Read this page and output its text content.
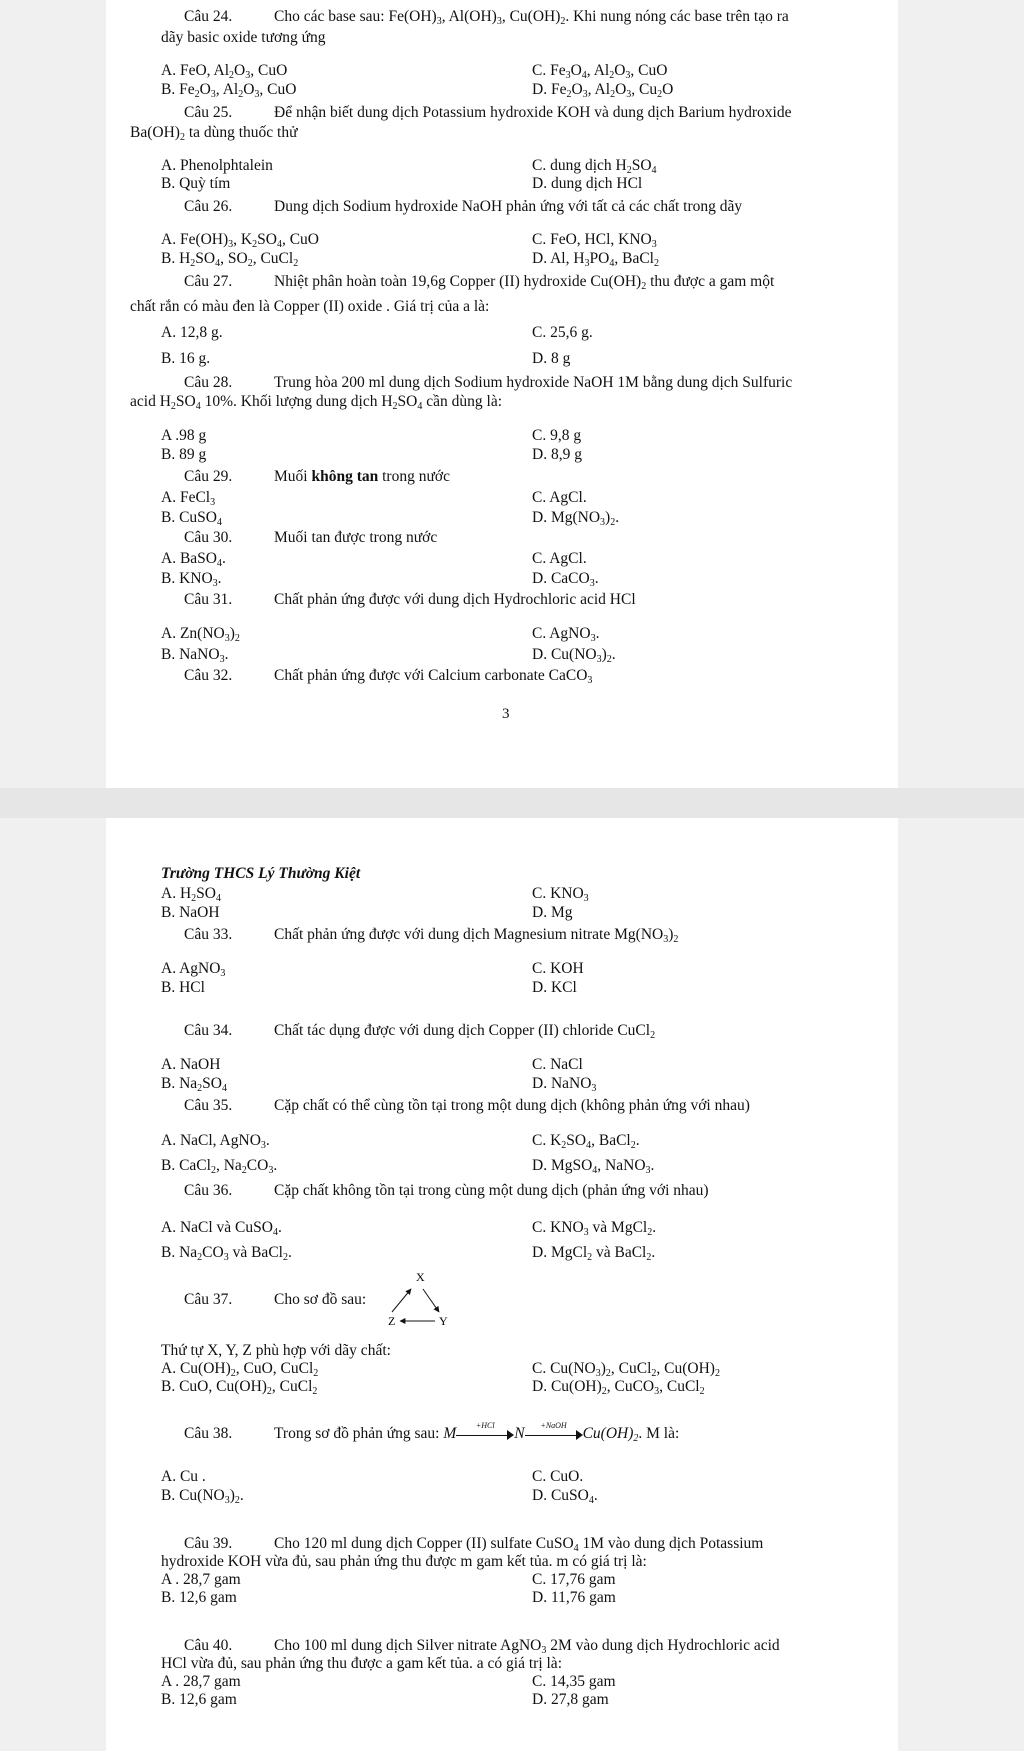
Câu 24.	Cho các base sau: $Fe(OH)_3$, $Al(OH)_3$, $Cu(OH)_2$. Khi nung nóng các base trên tạo ra
dãy basic oxide tương ứng
A. FeO, $Al_2O_3$, CuO	C. $Fe_3O_4$, $Al_2O_3$, CuO
B. $Fe_2O_3$, $Al_2O_3$, CuO	D. $Fe_2O_3$, $Al_2O_3$, $Cu_2O$
Câu 25.	Để nhận biết dung dịch Potassium hydroxide KOH và dung dịch Barium hydroxide
$Ba(OH)_2$ ta dùng thuốc thử
A. Phenolphtalein	C. dung dịch $H_2SO_4$
B. Quỳ tím	D. dung dịch HCl
Câu 26.	Dung dịch Sodium hydroxide NaOH phản ứng với tất cả các chất trong dãy
A. $Fe(OH)_3$, $K_2SO_4$, CuO	C. FeO, HCl, $KNO_3$
B. $H_2SO_4$, $SO_2$, CuCl$_2$	D. Al, $H_3PO_4$, BaCl$_2$
Câu 27.	Nhiệt phân hoàn toàn 19,6g Copper (II) hydroxide $Cu(OH)_2$ thu được a gam một
chất rắn có màu đen là Copper (II) oxide . Giá trị của a là:
A. 12,8 g.	C. 25,6 g.
B. 16 g.	D. 8 g
Câu 28.	Trung hòa 200 ml dung dịch Sodium hydroxide NaOH 1M bằng dung dịch Sulfuric
acid $H_2SO_4$ 10%. Khối lượng dung dịch $H_2SO_4$ cần dùng là:
A .98 g	C. 9,8 g
B. 89 g	D. 8,9 g
Câu 29.	Muối không tan trong nước
A. FeCl$_3$	C. AgCl.
B. CuSO$_4$	D. $Mg(NO_3)_2$.
Câu 30.	Muối tan được trong nước
A. BaSO$_4$.	C. AgCl.
B. $KNO_3$.	D. CaCO$_3$.
Câu 31.	Chất phản ứng được với dung dịch Hydrochloric acid HCl
A. $Zn(NO_3)_2$	C. AgNO$_3$.
B. NaNO$_3$.	D. $Cu(NO_3)_2$.
Câu 32.	Chất phản ứng được với Calcium carbonate CaCO$_3$
3
Trường THCS Lý Thường Kiệt
A. $H_2SO_4$	C. $KNO_3$
B. NaOH	D. Mg
Câu 33.	Chất phản ứng được với dung dịch Magnesium nitrate $Mg(NO_3)_2$
A. AgNO$_3$	C. KOH
B. HCl	D. KCl
Câu 34.	Chất tác dụng được với dung dịch Copper (II) chloride CuCl$_2$
A. NaOH	C. NaCl
B. $Na_2SO_4$	D. NaNO$_3$
Câu 35.	Cặp chất có thể cùng tồn tại trong một dung dịch (không phản ứng với nhau)
A. NaCl, AgNO$_3$.	C. $K_2SO_4$, BaCl$_2$.
B. CaCl$_2$, $Na_2CO_3$.	D. MgSO$_4$, NaNO$_3$.
Câu 36.	Cặp chất không tồn tại trong cùng một dung dịch (phản ứng với nhau)
A. NaCl và CuSO$_4$.	C. $KNO_3$ và MgCl$_2$.
B. $Na_2CO_3$ và BaCl$_2$.	D. MgCl$_2$ và BaCl$_2$.
Câu 37.	Cho sơ đồ sau:
X
Y
Z
Thứ tự X, Y, Z phù hợp với dãy chất:
A. $Cu(OH)_2$, CuO, CuCl$_2$	C. $Cu(NO_3)_2$, CuCl$_2$, $Cu(OH)_2$
B. CuO, $Cu(OH)_2$, CuCl$_2$	D. $Cu(OH)_2$, CuCO$_3$, CuCl$_2$
Câu 38.	Trong sơ đồ phản ứng sau: M	+HCl	N	+NaOH	$Cu(OH)_2$. M là:
A. Cu .	C. CuO.
B. $Cu(NO_3)_2$.	D. CuSO$_4$.
Câu 39.	Cho 120 ml dung dịch Copper (II) sulfate CuSO$_4$ 1M vào dung dịch Potassium
hydroxide KOH vừa đủ, sau phản ứng thu được m gam kết tủa. m có giá trị là:
A . 28,7 gam	C. 17,76 gam
B. 12,6 gam	D. 11,76 gam
Câu 40.	Cho 100 ml dung dịch Silver nitrate AgNO$_3$ 2M vào dung dịch Hydrochloric acid
HCl vừa đủ, sau phản ứng thu được a gam kết tủa. a có giá trị là:
A . 28,7 gam	C. 14,35 gam
B. 12,6 gam	D. 27,8 gam
